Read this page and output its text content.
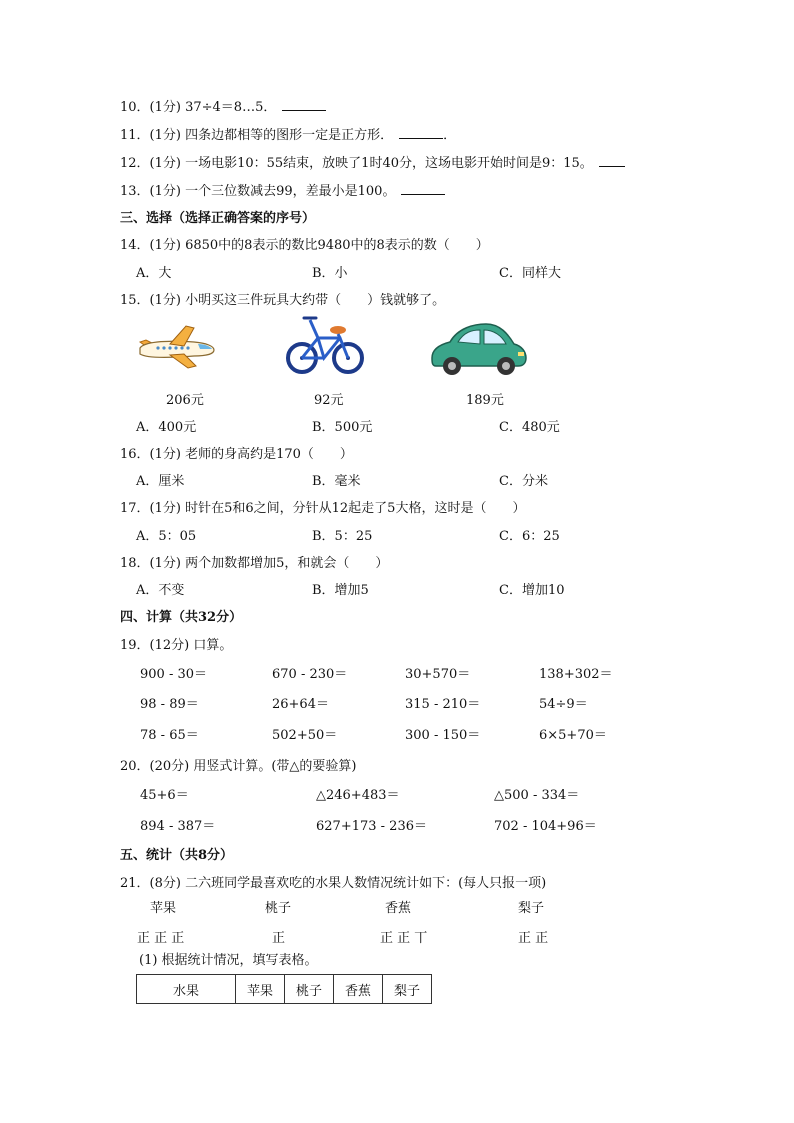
10．(1分) 37÷4＝8…5．
11．(1分) 四条边都相等的图形一定是正方形．	．
12．(1分) 一场电影10：55结束，放映了1时40分，这场电影开始时间是9：15。
13．(1分) 一个三位数减去99，差最小是100。
三、选择（选择正确答案的序号）
14．(1分) 6850中的8表示的数比9480中的8表示的数（　　）
A．大	B．小	C．同样大
15．(1分) 小明买这三件玩具大约带（　　）钱就够了。
206元	92元	189元
A．400元	B．500元	C．480元
16．(1分) 老师的身高约是170（　　）
A．厘米	B．毫米	C．分米
17．(1分) 时针在5和6之间，分针从12起走了5大格，这时是（　　）
A．5：05	B．5：25	C．6：25
18．(1分) 两个加数都增加5，和就会（　　）
A．不变	B．增加5	C．增加10
四、计算（共32分）
19．(12分) 口算。
900 - 30＝	670 - 230＝	30+570＝	138+302＝
98 - 89＝	26+64＝	315 - 210＝	54÷9＝
78 - 65＝	502+50＝	300 - 150＝	6×5+70＝
20．(20分) 用竖式计算。(带△的要验算)
45+6＝	△246+483＝	△500 - 334＝
894 - 387＝	627+173 - 236＝	702 - 104+96＝
五、统计（共8分）
21．(8分) 二六班同学最喜欢吃的水果人数情况统计如下：(每人只报一项)
苹果	桃子	香蕉	梨子
正 正 正	正	正 正 丅	正 正
(1) 根据统计情况，填写表格。
水果	苹果	桃子	香蕉	梨子
